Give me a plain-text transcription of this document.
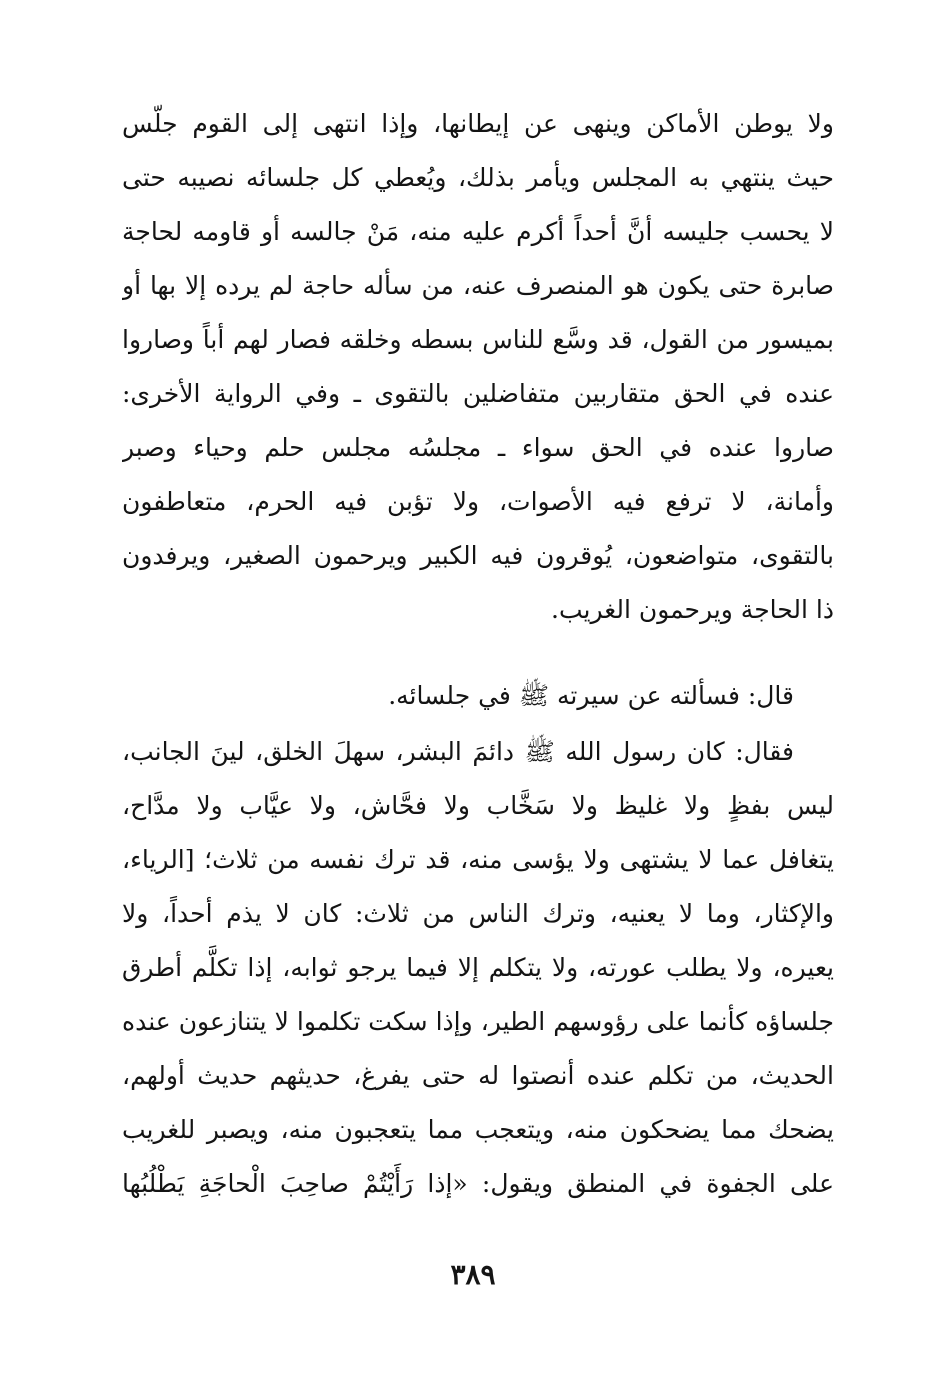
ولا يوطن الأماكن وينهى عن إيطانها، وإذا انتهى إلى القوم جلّس
حيث ينتهي به المجلس ويأمر بذلك، ويُعطي كل جلسائه نصيبه حتى
لا يحسب جليسه أنَّ أحداً أكرم عليه منه، مَنْ جالسه أو قاومه لحاجة
صابرة حتى يكون هو المنصرف عنه، من سأله حاجة لم يرده إلا بها أو
بميسور من القول، قد وسَّع للناس بسطه وخلقه فصار لهم أباً وصاروا
عنده في الحق متقاربين متفاضلين بالتقوى ـ وفي الرواية الأخرى:
صاروا عنده في الحق سواء ـ مجلسُه مجلس حلم وحياء وصبر
وأمانة، لا ترفع فيه الأصوات، ولا تؤبن فيه الحرم، متعاطفون
بالتقوى، متواضعون، يُوقرون فيه الكبير ويرحمون الصغير، ويرفدون
ذا الحاجة ويرحمون الغريب.
قال: فسألته عن سيرته ﷺ في جلسائه.
فقال: كان رسول الله ﷺ دائمَ البشر، سهلَ الخلق، لينَ الجانب،
ليس بفظٍ ولا غليظ ولا سَخَّاب ولا فحَّاش، ولا عيَّاب ولا مدَّاح،
يتغافل عما لا يشتهى ولا يؤسى منه، قد ترك نفسه من ثلاث؛ [الرياء،
والإكثار، وما لا يعنيه، وترك الناس من ثلاث: كان لا يذم أحداً، ولا
يعيره، ولا يطلب عورته، ولا يتكلم إلا فيما يرجو ثوابه، إذا تكلَّم أطرق
جلساؤه كأنما على رؤوسهم الطير، وإذا سكت تكلموا لا يتنازعون عنده
الحديث، من تكلم عنده أنصتوا له حتى يفرغ، حديثهم حديث أولهم،
يضحك مما يضحكون منه، ويتعجب مما يتعجبون منه، ويصبر للغريب
على الجفوة في المنطق ويقول: «إذا رَأَيْتُمْ صاحِبَ الْحاجَةِ يَطْلُبُها
٣٨٩
